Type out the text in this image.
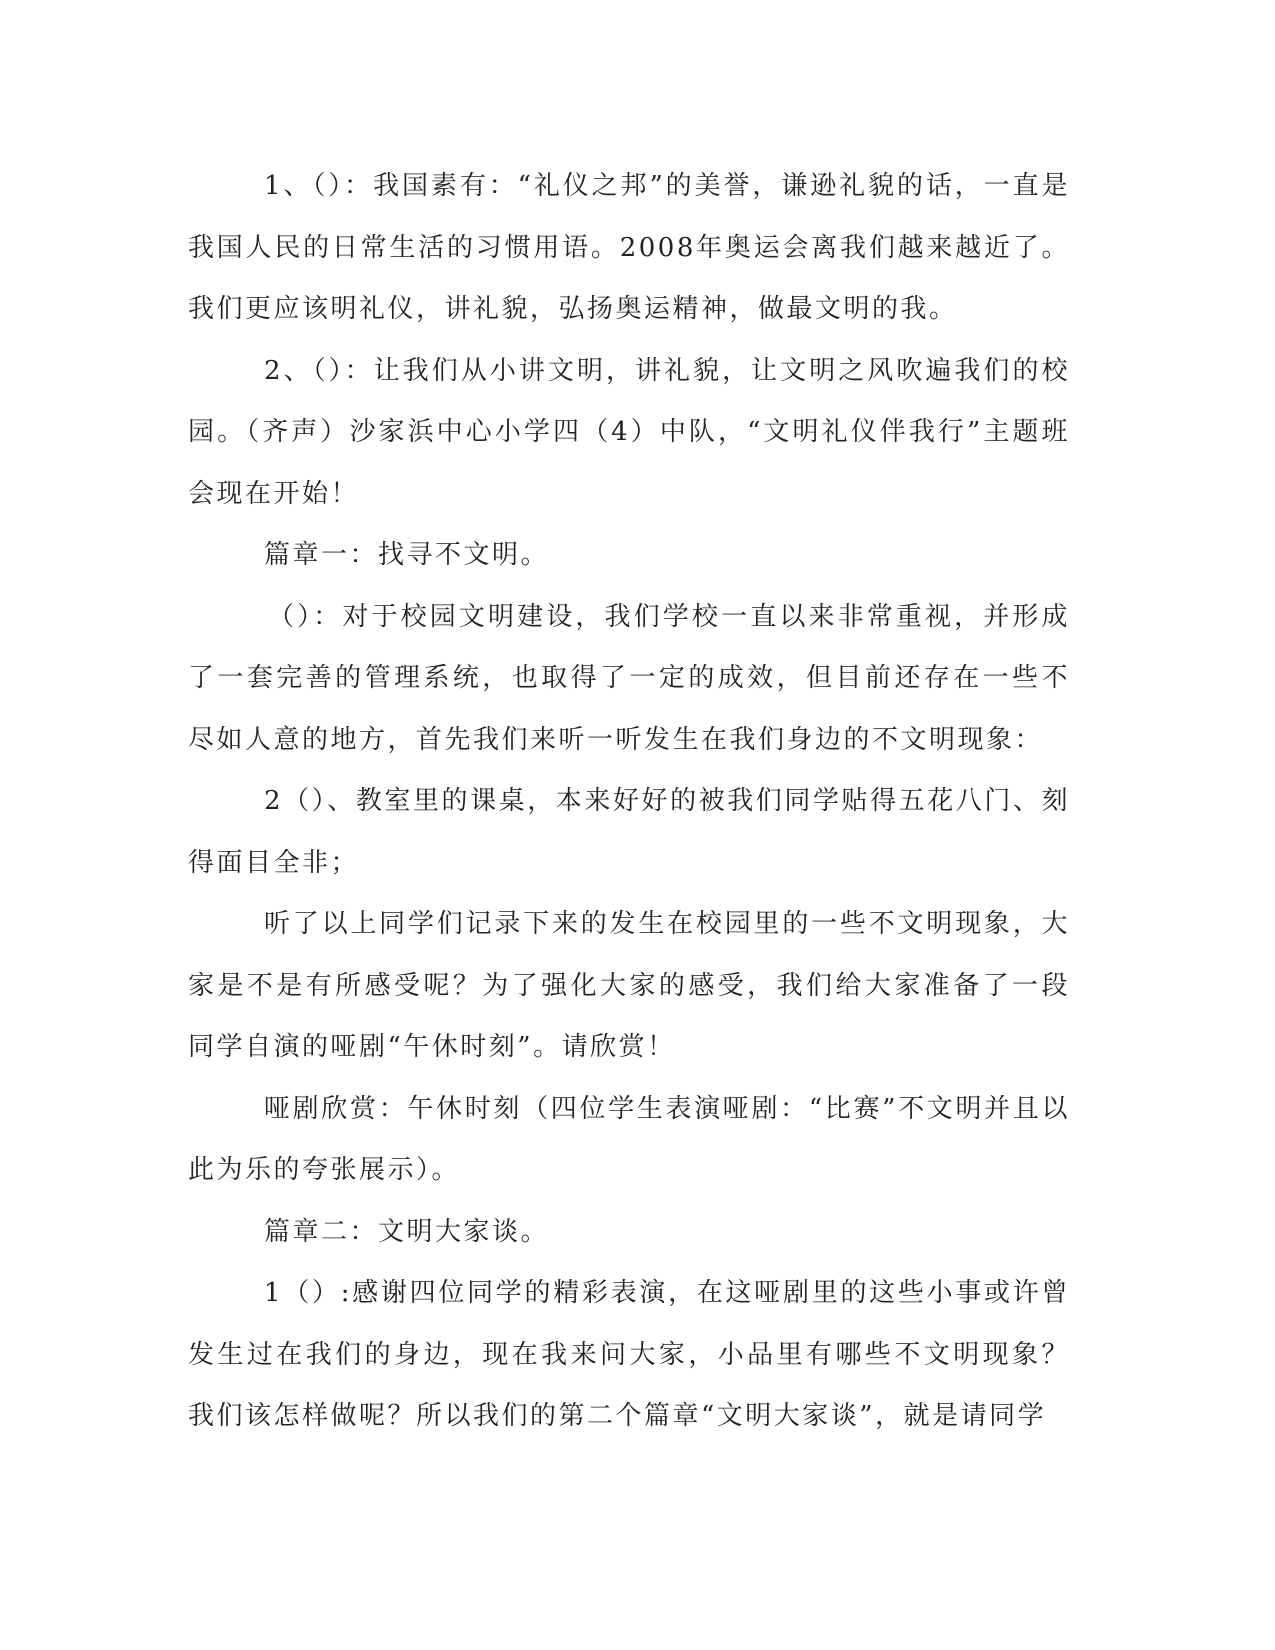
1、（）：我国素有：“礼仪之邦”的美誉，谦逊礼貌的话，一直是我国人民的日常生活的习惯用语。2008年奥运会离我们越来越近了。我们更应该明礼仪，讲礼貌，弘扬奥运精神，做最文明的我。

2、（）：让我们从小讲文明，讲礼貌，让文明之风吹遍我们的校园。（齐声）沙家浜中心小学四（4）中队，“文明礼仪伴我行”主题班会现在开始！

篇章一：找寻不文明。

（）：对于校园文明建设，我们学校一直以来非常重视，并形成了一套完善的管理系统，也取得了一定的成效，但目前还存在一些不尽如人意的地方，首先我们来听一听发生在我们身边的不文明现象：

2（）、教室里的课桌，本来好好的被我们同学贴得五花八门、刻得面目全非；

听了以上同学们记录下来的发生在校园里的一些不文明现象，大家是不是有所感受呢？为了强化大家的感受，我们给大家准备了一段同学自演的哑剧“午休时刻”。请欣赏！

哑剧欣赏：午休时刻（四位学生表演哑剧：“比赛”不文明并且以此为乐的夸张展示）。

篇章二：文明大家谈。

1（）:感谢四位同学的精彩表演，在这哑剧里的这些小事或许曾发生过在我们的身边，现在我来问大家，小品里有哪些不文明现象？我们该怎样做呢？所以我们的第二个篇章“文明大家谈”，就是请同学
